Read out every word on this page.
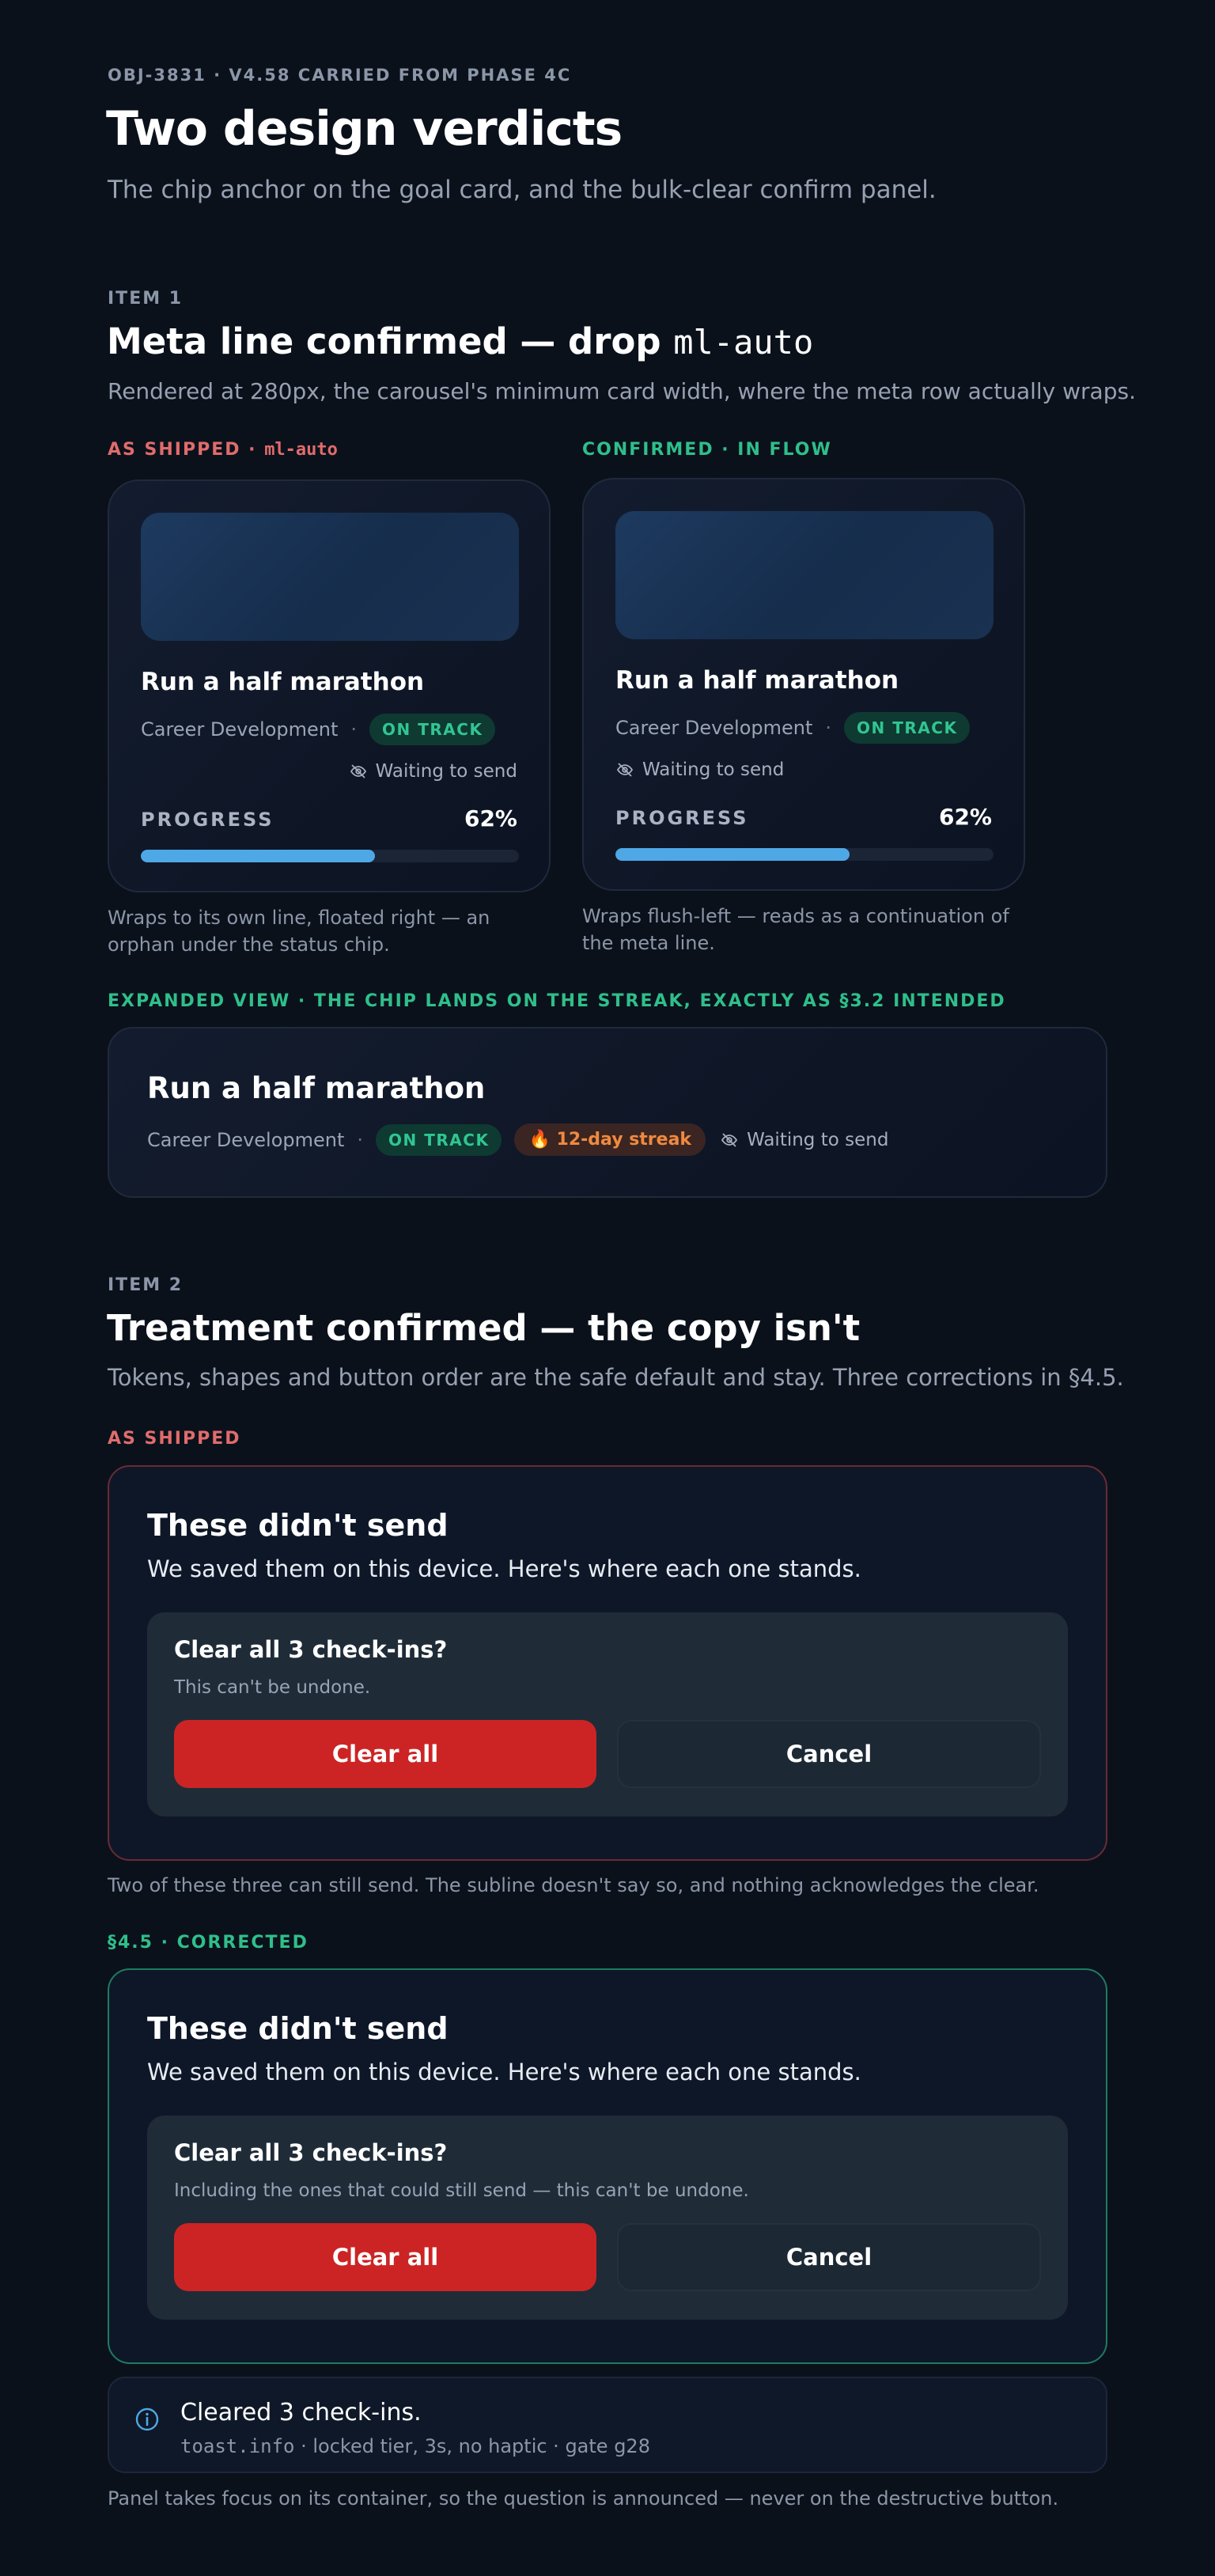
OBJ-3831 · V4.58 CARRIED FROM PHASE 4C
Two design verdicts
The chip anchor on the goal card, and the bulk-clear confirm panel.
ITEM 1
Meta line confirmed — drop ml-auto
Rendered at 280px, the carousel's minimum card width, where the meta row actually wraps.
AS SHIPPED · ml-auto	CONFIRMED · IN FLOW
Run a half marathon
Career Development ·	ON TRACK
Waiting to send
PROGRESS	62%
Run a half marathon
Career Development ·	ON TRACK
Waiting to send
PROGRESS	62%
Wraps to its own line, floated right — an orphan under the status chip.
Wraps flush-left — reads as a continuation of the meta line.
EXPANDED VIEW · THE CHIP LANDS ON THE STREAK, EXACTLY AS §3.2 INTENDED
Run a half marathon
Career Development ·	ON TRACK	🔥 12-day streak	Waiting to send
ITEM 2
Treatment confirmed — the copy isn't
Tokens, shapes and button order are the safe default and stay. Three corrections in §4.5.
AS SHIPPED
These didn't send
We saved them on this device. Here's where each one stands.
Clear all 3 check-ins?
This can't be undone.
Clear all	Cancel
Two of these three can still send. The subline doesn't say so, and nothing acknowledges the clear.
§4.5 · CORRECTED
These didn't send
We saved them on this device. Here's where each one stands.
Clear all 3 check-ins?
Including the ones that could still send — this can't be undone.
Clear all	Cancel
Cleared 3 check-ins.
toast.info · locked tier, 3s, no haptic · gate g28
Panel takes focus on its container, so the question is announced — never on the destructive button.
